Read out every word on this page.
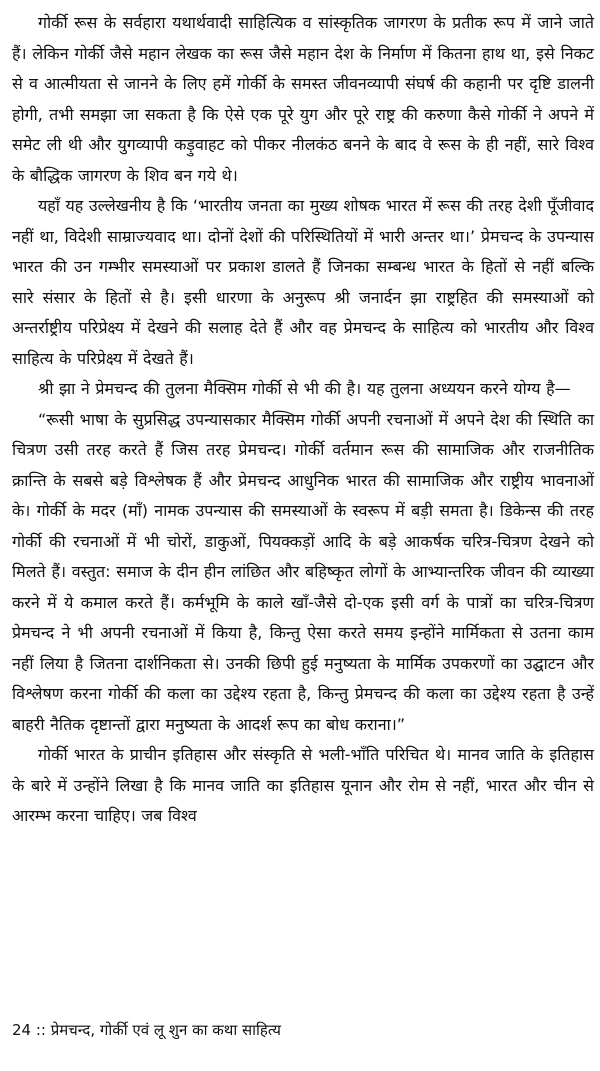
गोर्की रूस के सर्वहारा यथार्थवादी साहित्यिक व सांस्कृतिक जागरण के प्रतीक रूप में जाने जाते हैं। लेकिन गोर्की जैसे महान लेखक का रूस जैसे महान देश के निर्माण में कितना हाथ था, इसे निकट से व आत्मीयता से जानने के लिए हमें गोर्की के समस्त जीवनव्यापी संघर्ष की कहानी पर दृष्टि डालनी होगी, तभी समझा जा सकता है कि ऐसे एक पूरे युग और पूरे राष्ट्र की करुणा कैसे गोर्की ने अपने में समेट ली थी और युगव्यापी कड़ुवाहट को पीकर नीलकंठ बनने के बाद वे रूस के ही नहीं, सारे विश्व के बौद्धिक जागरण के शिव बन गये थे।

यहाँ यह उल्लेखनीय है कि ‘भारतीय जनता का मुख्य शोषक भारत में रूस की तरह देशी पूँजीवाद नहीं था, विदेशी साम्राज्यवाद था। दोनों देशों की परिस्थितियों में भारी अन्तर था।’ प्रेमचन्द के उपन्यास भारत की उन गम्भीर समस्याओं पर प्रकाश डालते हैं जिनका सम्बन्ध भारत के हितों से नहीं बल्कि सारे संसार के हितों से है। इसी धारणा के अनुरूप श्री जनार्दन झा राष्ट्रहित की समस्याओं को अन्तर्राष्ट्रीय परिप्रेक्ष्य में देखने की सलाह देते हैं और वह प्रेमचन्द के साहित्य को भारतीय और विश्व साहित्य के परिप्रेक्ष्य में देखते हैं।

श्री झा ने प्रेमचन्द की तुलना मैक्सिम गोर्की से भी की है। यह तुलना अध्ययन करने योग्य है—

“रूसी भाषा के सुप्रसिद्ध उपन्यासकार मैक्सिम गोर्की अपनी रचनाओं में अपने देश की स्थिति का चित्रण उसी तरह करते हैं जिस तरह प्रेमचन्द। गोर्की वर्तमान रूस की सामाजिक और राजनीतिक क्रान्ति के सबसे बड़े विश्लेषक हैं और प्रेमचन्द आधुनिक भारत की सामाजिक और राष्ट्रीय भावनाओं के। गोर्की के मदर (माँ) नामक उपन्यास की समस्याओं के स्वरूप में बड़ी समता है। डिकेन्स की तरह गोर्की की रचनाओं में भी चोरों, डाकुओं, पियक्कड़ों आदि के बड़े आकर्षक चरित्र-चित्रण देखने को मिलते हैं। वस्तुत: समाज के दीन हीन लांछित और बहिष्कृत लोगों के आभ्यान्तरिक जीवन की व्याख्या करने में ये कमाल करते हैं। कर्मभूमि के काले खाँ-जैसे दो-एक इसी वर्ग के पात्रों का चरित्र-चित्रण प्रेमचन्द ने भी अपनी रचनाओं में किया है, किन्तु ऐसा करते समय इन्होंने मार्मिकता से उतना काम नहीं लिया है जितना दार्शनिकता से। उनकी छिपी हुई मनुष्यता के मार्मिक उपकरणों का उद्घाटन और विश्लेषण करना गोर्की की कला का उद्देश्य रहता है, किन्तु प्रेमचन्द की कला का उद्देश्य रहता है उन्हें बाहरी नैतिक दृष्टान्तों द्वारा मनुष्यता के आदर्श रूप का बोध कराना।”

गोर्की भारत के प्राचीन इतिहास और संस्कृति से भली-भाँति परिचित थे। मानव जाति के इतिहास के बारे में उन्होंने लिखा है कि मानव जाति का इतिहास यूनान और रोम से नहीं, भारत और चीन से आरम्भ करना चाहिए। जब विश्व

24 :: प्रेमचन्द, गोर्की एवं लू शुन का कथा साहित्य
